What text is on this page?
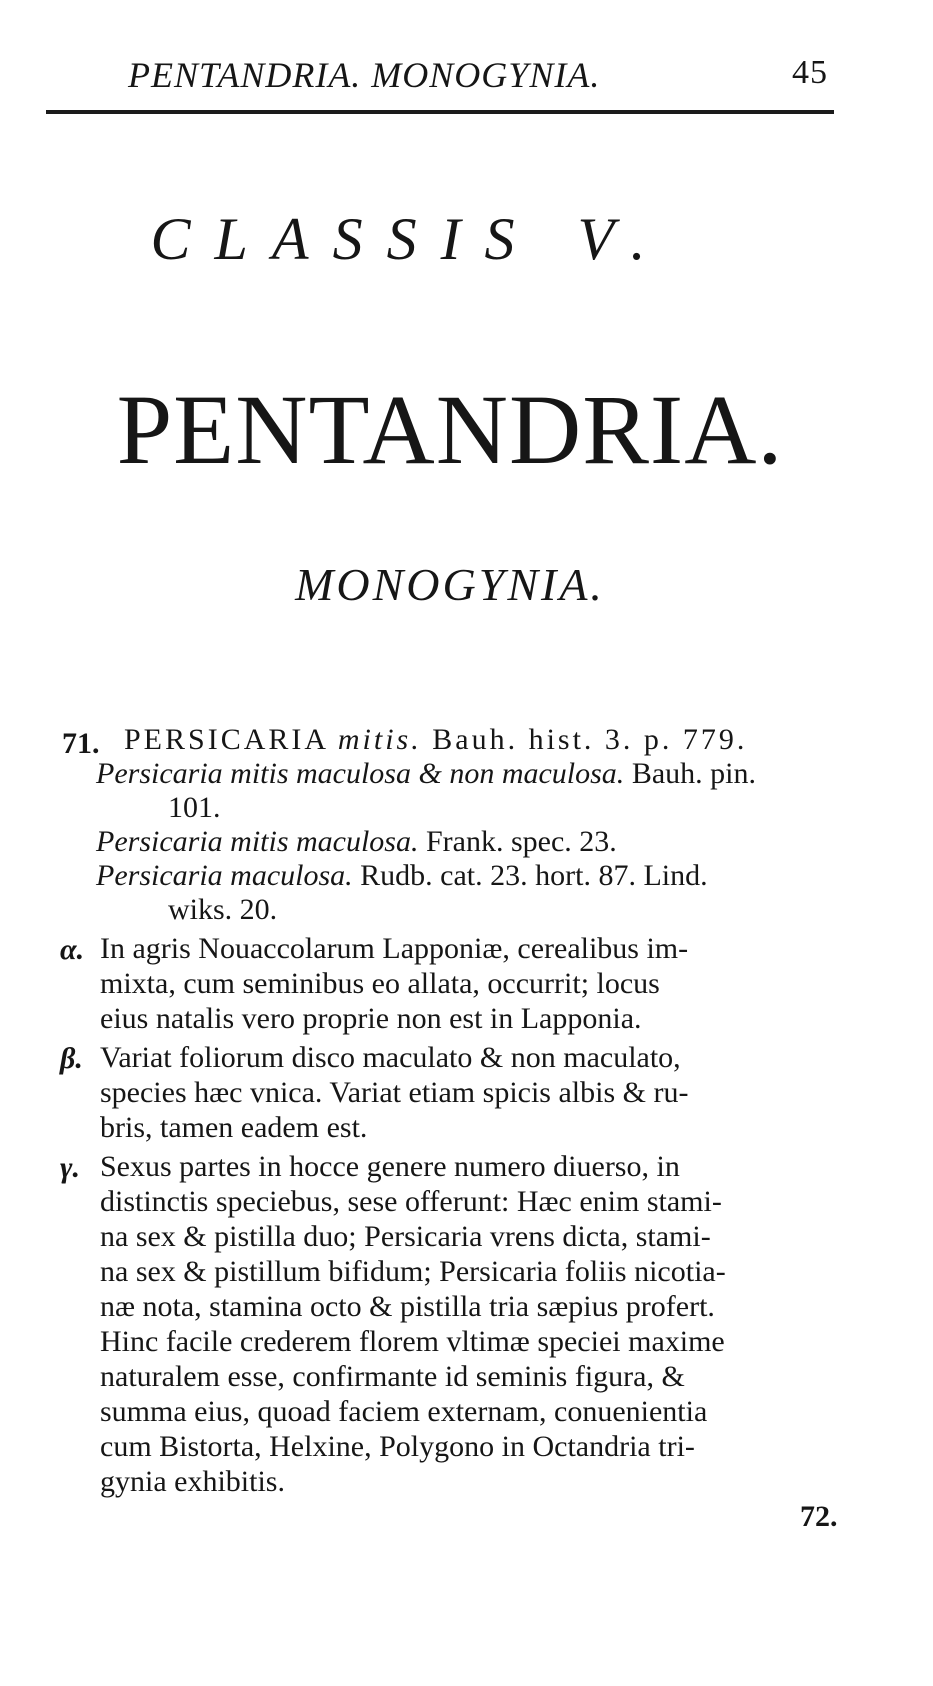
PENTANDRIA. MONOGYNIA.	45
CLASSIS V.
PENTANDRIA.
MONOGYNIA.
71. PERSICARIA mitis. Bauh. hist. 3. p. 779.
Persicaria mitis maculosa & non maculosa. Bauh. pin.
101.
Persicaria mitis maculosa. Frank. spec. 23.
Persicaria maculosa. Rudb. cat. 23. hort. 87. Lind.
wiks. 20.
α. In agris Nouaccolarum Lapponiæ, cerealibus im-
mixta, cum seminibus eo allata, occurrit; locus
eius natalis vero proprie non est in Lapponia.
β. Variat foliorum disco maculato & non maculato,
species hæc vnica. Variat etiam spicis albis & ru-
bris, tamen eadem est.
γ. Sexus partes in hocce genere numero diuerso, in
distinctis speciebus, sese offerunt: Hæc enim stami-
na sex & pistilla duo; Persicaria vrens dicta, stami-
na sex & pistillum bifidum; Persicaria foliis nicotia-
næ nota, stamina octo & pistilla tria sæpius profert.
Hinc facile crederem florem vltimæ speciei maxime
naturalem esse, confirmante id seminis figura, &
summa eius, quoad faciem externam, conuenientia
cum Bistorta, Helxine, Polygono in Octandria tri-
gynia exhibitis.
72.
